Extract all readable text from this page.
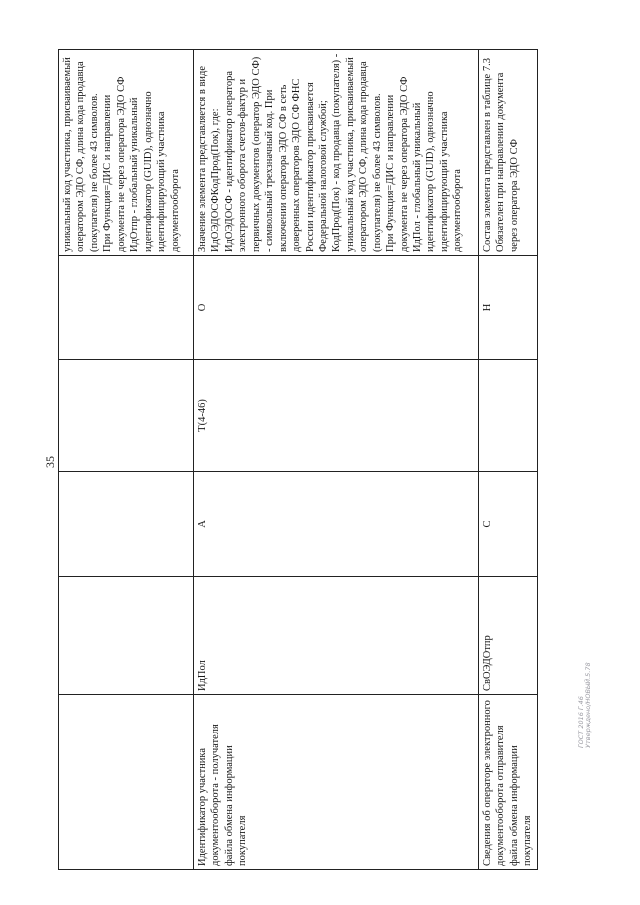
35

					уникальный код участника, присваиваемый оператором ЭДО СФ, длина кода продавца (покупателя) не более 43 символов.
При Функция=ДИС и направлении документа не через оператора ЭДО СФ ИдОтпр - глобальный уникальный идентификатор (GUID), однозначно идентифицирующий участника документооборота

Идентификатор участника документооборота - получателя файла обмена информации покупателя	ИдПол	А	T(4-46)	О	Значение элемента представляется в виде ИдОЭДОСФКодПрод(Пок), где:
ИдОЭДОСФ - идентификатор оператора электронного оборота счетов-фактур и первичных документов (оператор ЭДО СФ) - символьный трехзначный код. При включении оператора ЭДО СФ в сеть доверенных операторов ЭДО СФ ФНС России идентификатор присваивается Федеральной налоговой службой;
КодПрод(Пок) - код продавца (покупателя) - уникальный код участника, присваиваемый оператором ЭДО СФ, длина кода продавца (покупателя) не более 43 символов.
При Функция=ДИС и направлении документа не через оператора ЭДО СФ ИдПол - глобальный уникальный идентификатор (GUID), однозначно идентифицирующий участника документооборота

Сведения об операторе электронного документооборота отправителя файла обмена информации покупателя	СвОЭДОтпр	С		Н	Состав элемента представлен в таблице 7.3
Обязателен при направлении документа через оператора ЭДО СФ
ГОСТ 2016 Г.46 Утверждено/НОВЫЙ.5.78
